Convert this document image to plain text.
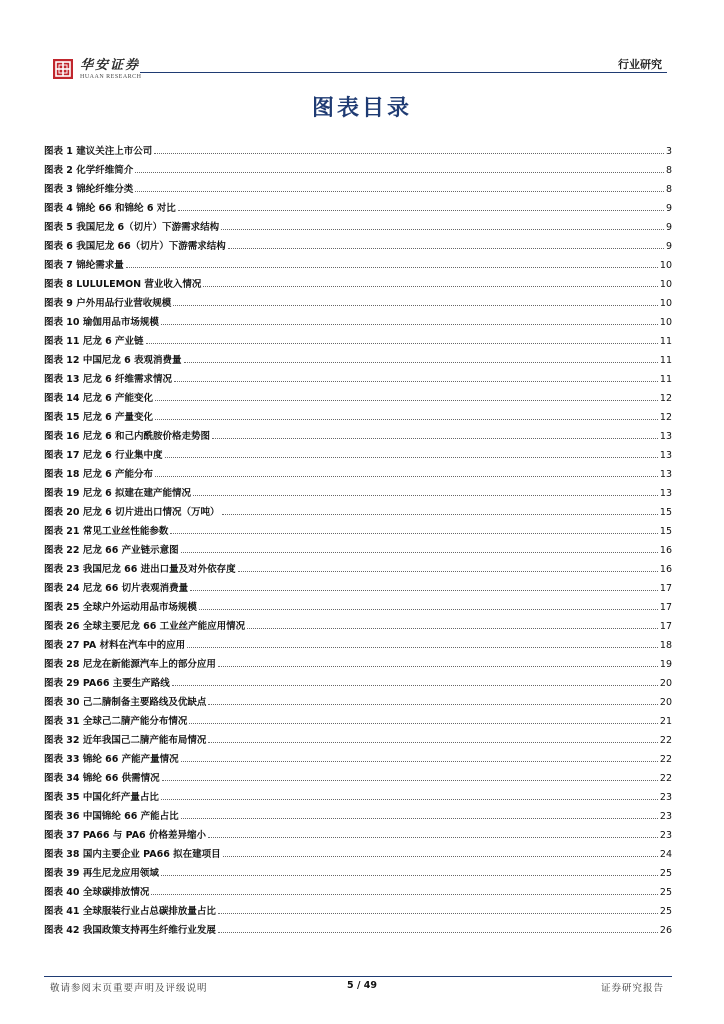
华安证券
HUAAN RESEARCH
行业研究
图表目录
图表 1 建议关注上市公司	3
图表 2 化学纤维简介	8
图表 3 锦纶纤维分类	8
图表 4 锦纶 66 和锦纶 6 对比	9
图表 5 我国尼龙 6（切片）下游需求结构	9
图表 6 我国尼龙 66（切片）下游需求结构	9
图表 7 锦纶需求量	10
图表 8 LULULEMON 营业收入情况	10
图表 9 户外用品行业营收规模	10
图表 10 瑜伽用品市场规模	10
图表 11 尼龙 6 产业链	11
图表 12 中国尼龙 6 表观消费量	11
图表 13 尼龙 6 纤维需求情况	11
图表 14 尼龙 6 产能变化	12
图表 15 尼龙 6 产量变化	12
图表 16 尼龙 6 和己内酰胺价格走势图	13
图表 17 尼龙 6 行业集中度	13
图表 18 尼龙 6 产能分布	13
图表 19 尼龙 6 拟建在建产能情况	13
图表 20 尼龙 6 切片进出口情况（万吨）	15
图表 21 常见工业丝性能参数	15
图表 22 尼龙 66 产业链示意图	16
图表 23 我国尼龙 66 进出口量及对外依存度	16
图表 24 尼龙 66 切片表观消费量	17
图表 25 全球户外运动用品市场规模	17
图表 26 全球主要尼龙 66 工业丝产能应用情况	17
图表 27 PA 材料在汽车中的应用	18
图表 28 尼龙在新能源汽车上的部分应用	19
图表 29 PA66 主要生产路线	20
图表 30 己二腈制备主要路线及优缺点	20
图表 31 全球己二腈产能分布情况	21
图表 32 近年我国己二腈产能布局情况	22
图表 33 锦纶 66 产能产量情况	22
图表 34 锦纶 66 供需情况	22
图表 35 中国化纤产量占比	23
图表 36 中国锦纶 66 产能占比	23
图表 37 PA66 与 PA6 价格差异缩小	23
图表 38 国内主要企业 PA66 拟在建项目	24
图表 39 再生尼龙应用领域	25
图表 40 全球碳排放情况	25
图表 41 全球服装行业占总碳排放量占比	25
图表 42 我国政策支持再生纤维行业发展	26
敬请参阅末页重要声明及评级说明	5 / 49	证券研究报告
